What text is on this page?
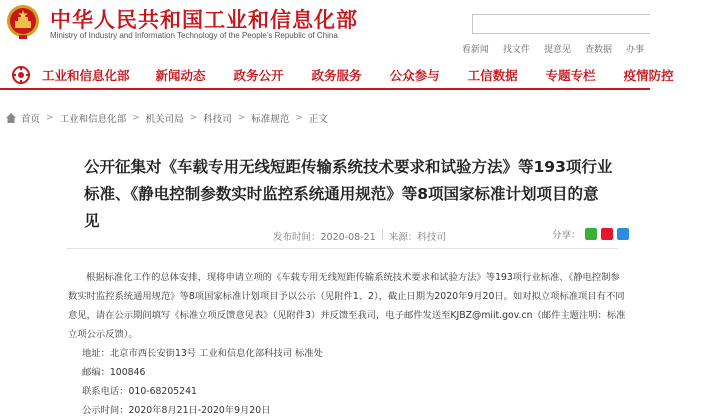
中华人民共和国工业和信息化部
Ministry of Industry and Information Technology of the People's Republic of China
看新闻 找文件 提意见 查数据 办事
工业和信息化部 新闻动态 政务公开 政务服务 公众参与 工信数据 专题专栏 疫情防控
首页 > 工业和信息化部 > 机关司局 > 科技司 > 标准规范 > 正文
公开征集对《车载专用无线短距传输系统技术要求和试验方法》等193项行业标准、《静电控制参数实时监控系统通用规范》等8项国家标准计划项目的意见
发布时间：2020-08-21 | 来源：科技司	分享：

根据标准化工作的总体安排，现将申请立项的《车载专用无线短距传输系统技术要求和试验方法》等193项行业标准、《静电控制参数实时监控系统通用规范》等8项国家标准计划项目予以公示（见附件1、2），截止日期为2020年9月20日。如对拟立项标准项目有不同意见，请在公示期间填写《标准立项反馈意见表》（见附件3）并反馈至我司，电子邮件发送至KJBZ@miit.gov.cn（邮件主题注明：标准立项公示反馈）。

地址：北京市西长安街13号 工业和信息化部科技司 标准处

邮编：100846

联系电话：010-68205241

公示时间：2020年8月21日-2020年9月20日
